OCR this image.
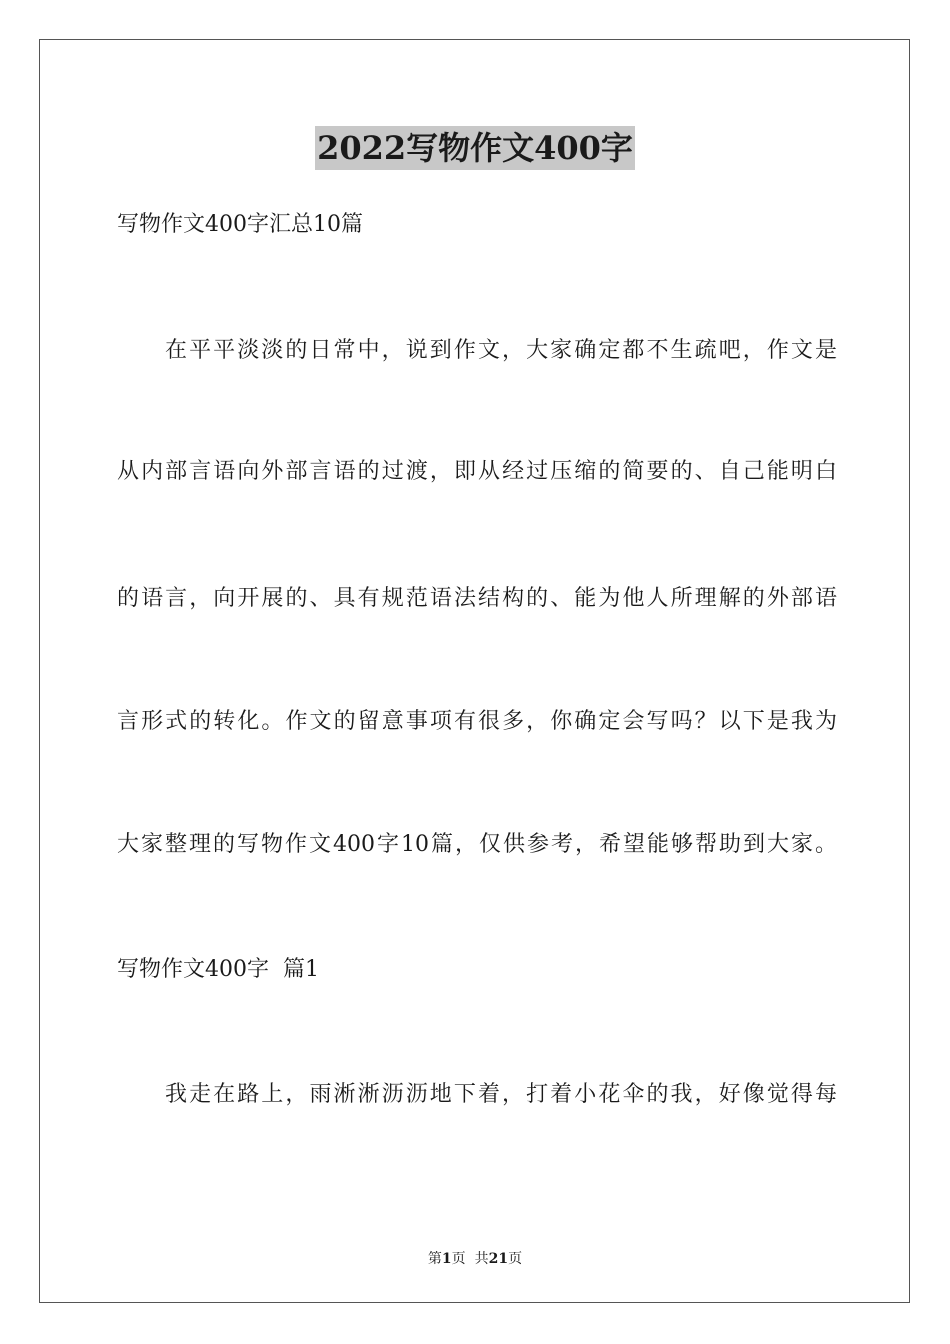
2022写物作文400字
写物作文400字汇总10篇
在平平淡淡的日常中，说到作文，大家确定都不生疏吧，作文是
从内部言语向外部言语的过渡，即从经过压缩的简要的、自己能明白
的语言，向开展的、具有规范语法结构的、能为他人所理解的外部语
言形式的转化。作文的留意事项有很多，你确定会写吗？以下是我为
大家整理的写物作文400字10篇，仅供参考，希望能够帮助到大家。
写物作文400字  篇1
我走在路上，雨淅淅沥沥地下着，打着小花伞的我，好像觉得每
第1页  共21页
